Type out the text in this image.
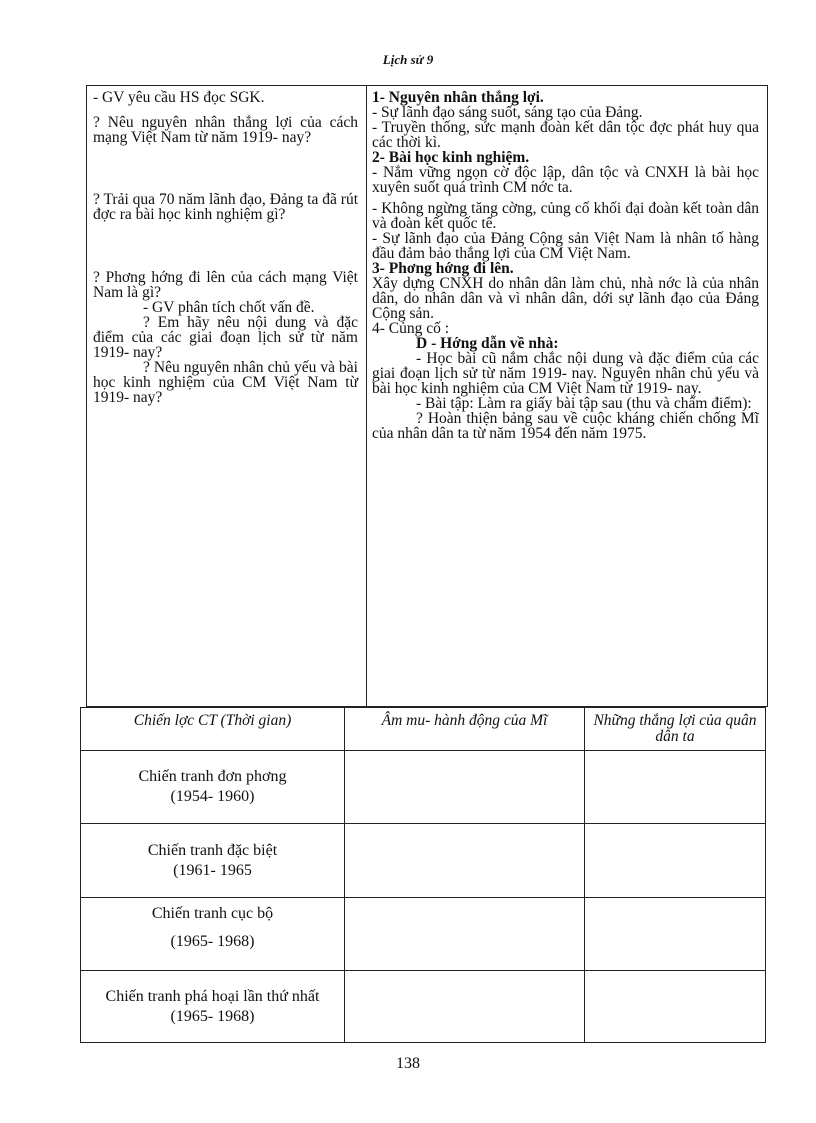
Lịch sử 9

- GV yêu cầu HS đọc SGK.

? Nêu nguyên nhân thắng lợi của cách mạng Việt Nam từ năm 1919- nay?

? Trải qua 70 năm lãnh đạo, Đảng ta đã rút đợc ra bài học kinh nghiệm gì?

? Phơng hớng đi lên của cách mạng Việt Nam là gì?

- GV phân tích chốt vấn đề.

? Em hãy nêu nội dung và đặc điểm của các giai đoạn lịch sử từ năm 1919- nay?

? Nêu nguyên nhân chủ yếu và bài học kinh nghiệm của CM Việt Nam từ 1919- nay?

1- Nguyên nhân thắng lợi.

- Sự lãnh đạo sáng suốt, sáng tạo của Đảng.

- Truyền thống, sức mạnh đoàn kết dân tộc đợc phát huy qua các thời kì.

2- Bài học kinh nghiệm.

- Nắm vững ngọn cờ độc lập, dân tộc và CNXH là bài học xuyên suốt quá trình CM nớc ta.

- Không ngừng tăng cờng, củng cố khối đại đoàn kết toàn dân và đoàn kết quốc tế.

- Sự lãnh đạo của Đảng Cộng sản Việt Nam là nhân tố hàng đầu đảm bảo thắng lợi của CM Việt Nam.

3- Phơng hớng đi lên.

Xây dựng CNXH do nhân dân làm chủ, nhà nớc là của nhân dân, do nhân dân và vì nhân dân, dới sự lãnh đạo của Đảng Cộng sản.

4- Củng cố :

D - Hớng dẫn về nhà:

- Học bài cũ nắm chắc nội dung và đặc điểm của các giai đoạn lịch sử từ năm 1919- nay. Nguyên nhân chủ yếu và bài học kinh nghiệm của CM Việt Nam từ 1919- nay.

- Bài tập: Làm ra giấy bài tập sau (thu và chấm điểm):

? Hoàn thiện bảng sau về cuộc kháng chiến chống Mĩ của nhân dân ta từ năm 1954 đến năm 1975.

Chiến lợc CT (Thời gian)	Âm mu- hành động của Mĩ	Những thắng lợi của quân dân ta
Chiến tranh đơn phơng
(1954- 1960)		
Chiến tranh đặc biệt
(1961- 1965		
Chiến tranh cục bộ

(1965- 1968)		
Chiến tranh phá hoại lần thứ nhất
(1965- 1968)		
138
